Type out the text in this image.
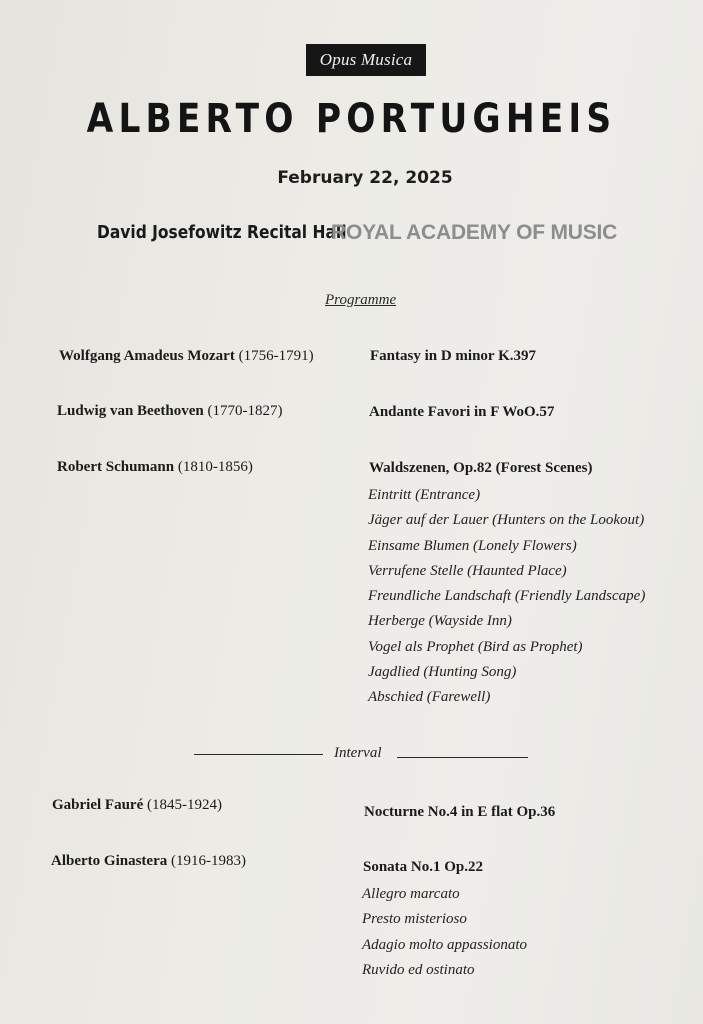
Opus Musica
ALBERTO PORTUGHEIS
February 22, 2025
David Josefowitz Recital Hall
ROYAL ACADEMY OF MUSIC
Programme
Wolfgang Amadeus Mozart (1756-1791)	Fantasy in D minor K.397
Ludwig van Beethoven (1770-1827)	Andante Favori in F WoO.57
Robert Schumann (1810-1856)	Waldszenen, Op.82 (Forest Scenes)
Eintritt (Entrance)
Jäger auf der Lauer (Hunters on the Lookout)
Einsame Blumen (Lonely Flowers)
Verrufene Stelle (Haunted Place)
Freundliche Landschaft (Friendly Landscape)
Herberge (Wayside Inn)
Vogel als Prophet (Bird as Prophet)
Jagdlied (Hunting Song)
Abschied (Farewell)
Interval
Gabriel Fauré (1845-1924)	Nocturne No.4 in E flat Op.36
Alberto Ginastera (1916-1983)	Sonata No.1 Op.22
Allegro marcato
Presto misterioso
Adagio molto appassionato
Ruvido ed ostinato
